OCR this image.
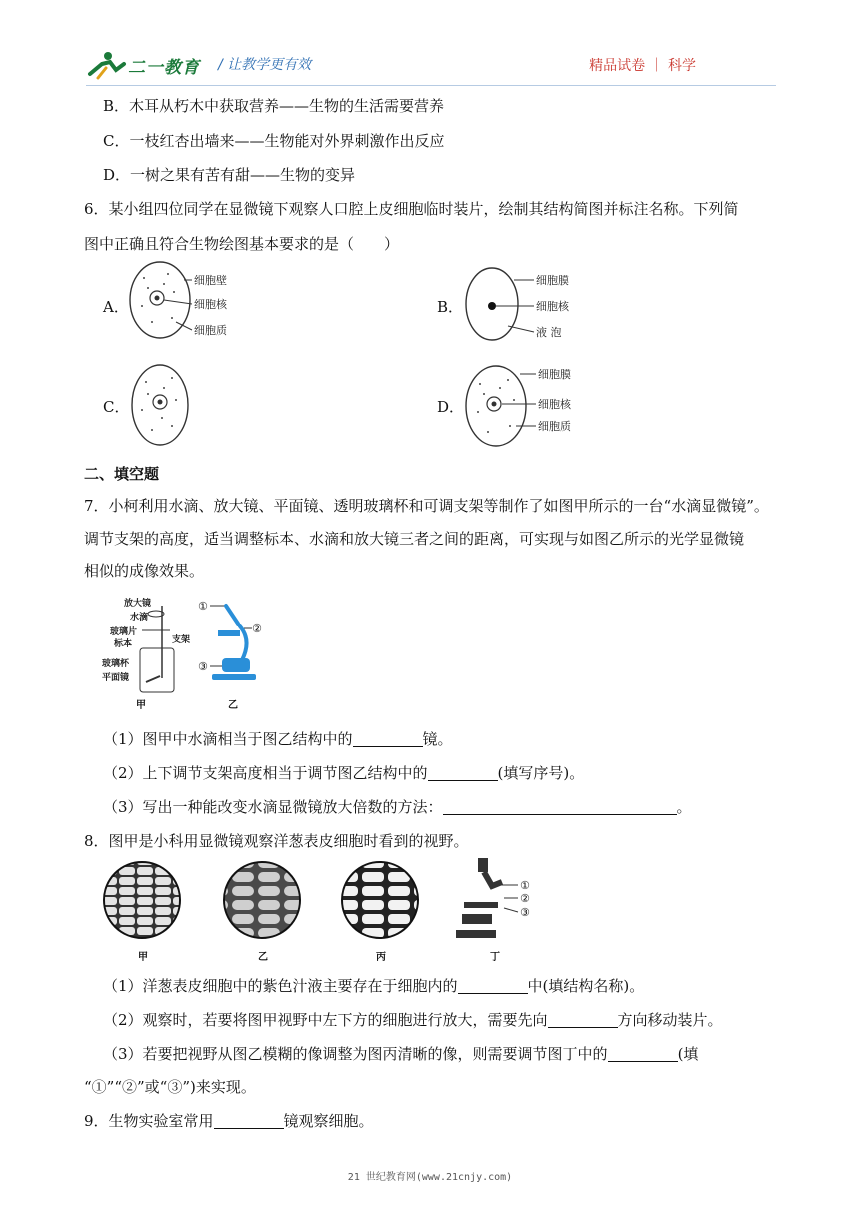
二一教育 / 让教学更有效	精品试卷 ｜ 科学
B．木耳从朽木中获取营养——生物的生活需要营养
C．一枝红杏出墙来——生物能对外界刺激作出反应
D．一树之果有苦有甜——生物的变异
6．某小组四位同学在显微镜下观察人口腔上皮细胞临时装片，绘制其结构简图并标注名称。下列简
图中正确且符合生物绘图基本要求的是（　　）
A．
细胞壁
细胞核
细胞质
B．
细胞膜
细胞核
液 泡
C．	D．
细胞膜
细胞核
细胞质
二、填空题
7．小柯利用水滴、放大镜、平面镜、透明玻璃杯和可调支架等制作了如图甲所示的一台“水滴显微镜”。
调节支架的高度，适当调整标本、水滴和放大镜三者之间的距离，可实现与如图乙所示的光学显微镜
相似的成像效果。
放大镜
水滴
玻璃片
标本
玻璃杯
平面镜
支架
①
②
③
甲	乙
（1）图甲中水滴相当于图乙结构中的	镜。
（2）上下调节支架高度相当于调节图乙结构中的	(填写序号)。
（3）写出一种能改变水滴显微镜放大倍数的方法：	。
8．图甲是小科用显微镜观察洋葱表皮细胞时看到的视野。
①
②
③
甲	乙	丙	丁
（1）洋葱表皮细胞中的紫色汁液主要存在于细胞内的	中(填结构名称)。
（2）观察时，若要将图甲视野中左下方的细胞进行放大，需要先向	方向移动装片。
（3）若要把视野从图乙模糊的像调整为图丙清晰的像，则需要调节图丁中的	(填
“①”“②”或“③”)来实现。
9．生物实验室常用	镜观察细胞。
21 世纪教育网(www.21cnjy.com)
